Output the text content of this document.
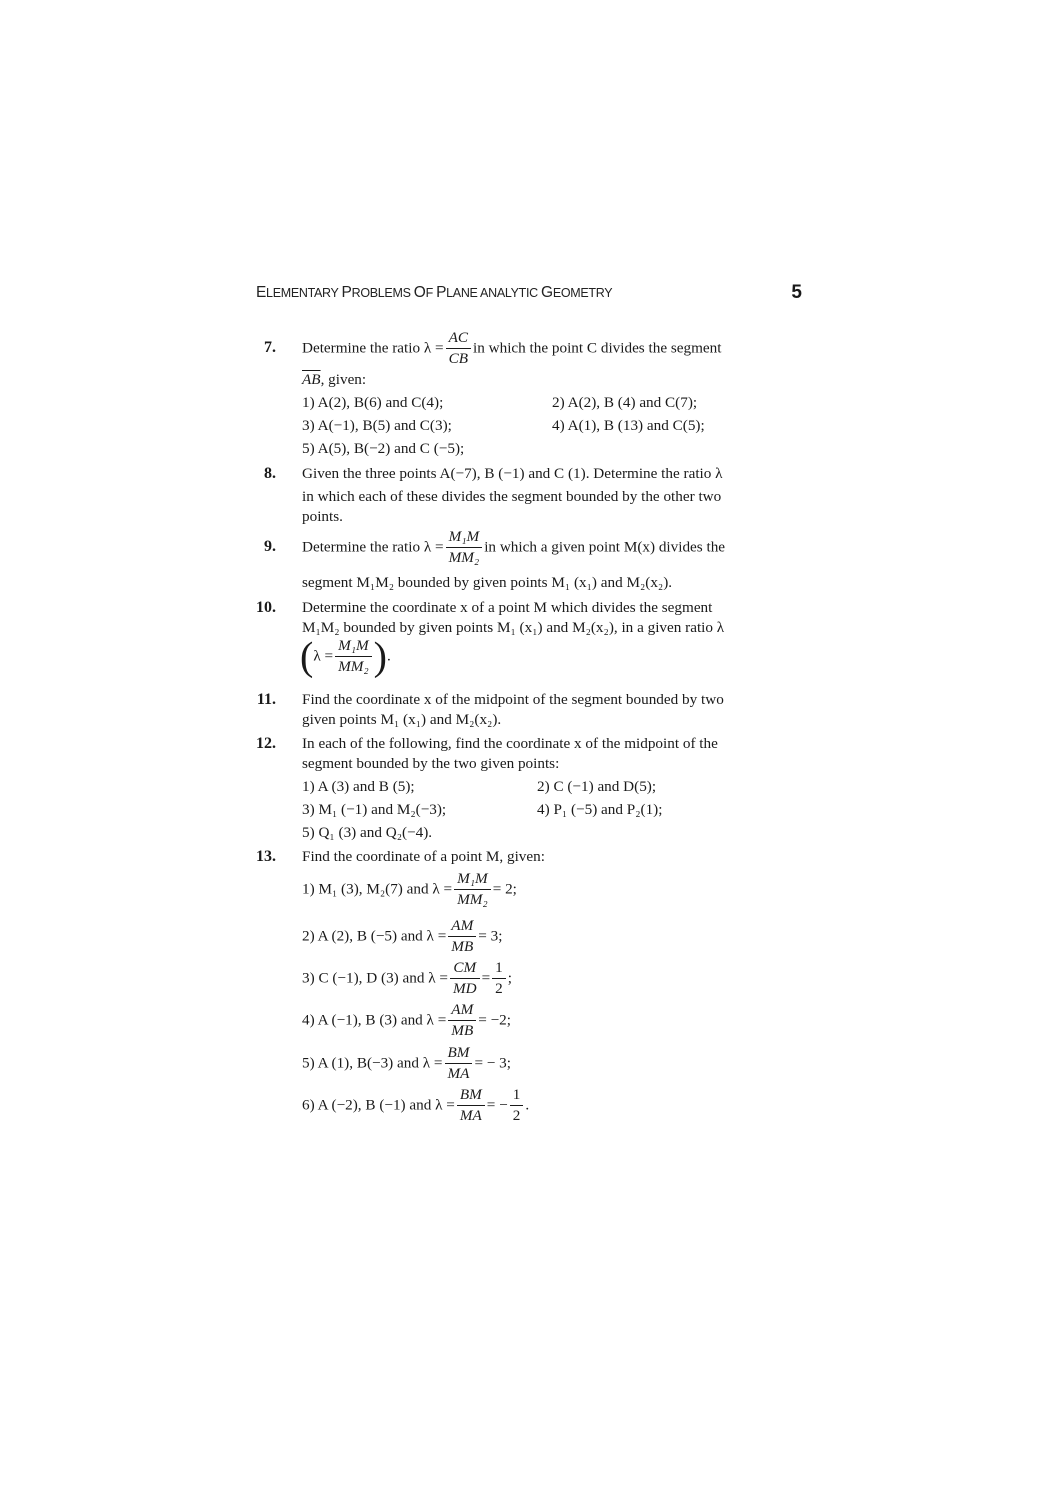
ELEMENTARY PROBLEMS OF PLANE ANALYTIC GEOMETRY	5
7. Determine the ratio $\lambda = \frac{AC}{CB}$ in which the point C divides the segment
$\overline{AB}$, given:
1) A(2), B(6) and C(4);	2) A(2), B (4) and C(7);
3) A(−1), B(5) and C(3);	4) A(1), B (13) and C(5);
5) A(5), B(−2) and C (−5);
8. Given the three points A(−7), B (−1) and C (1). Determine the ratio λ
in which each of these divides the segment bounded by the other two
points.
9. Determine the ratio $\lambda = \frac{\text{M₁M}}{\text{MM₂}}$ in which a given point M(x) divides the
segment M₁M₂ bounded by given points M₁ (x₁) and M₂(x₂).
10. Determine the coordinate x of a point M which divides the segment
M₁M₂ bounded by given points M₁ (x₁) and M₂(x₂), in a given ratio λ
($\lambda = \frac{\text{M₁M}}{\text{MM₂}}$ ).
11. Find the coordinate x of the midpoint of the segment bounded by two
given points M₁ (x₁) and M₂(x₂).
12. In each of the following, find the coordinate x of the midpoint of the
segment bounded by the two given points:
1) A (3) and B (5);	2) C (−1) and D(5);
3) M₁ (−1) and M₂(−3);	4) P₁ (−5) and P₂(1);
5) Q₁ (3) and Q₂(−4).
13. Find the coordinate of a point M, given:
1) M₁ (3), M₂(7) and $\lambda = \frac{\text{M₁M}}{\text{MM₂}} = 2$;
2) A (2), B (−5) and $\lambda = \frac{AM}{MB} = 3$;
3) C (−1), D (3) and $\lambda = \frac{CM}{MD} = \frac{1}{2}$ ;
4) A (−1), B (3) and $\lambda = \frac{AM}{MB} = -2$;
5) A (1), B(−3) and $\lambda = \frac{BM}{MA}$ = − 3;
6) A (−2), B (−1) and $\lambda = \frac{BM}{MA}$ = − $\frac{1}{2}$ .
